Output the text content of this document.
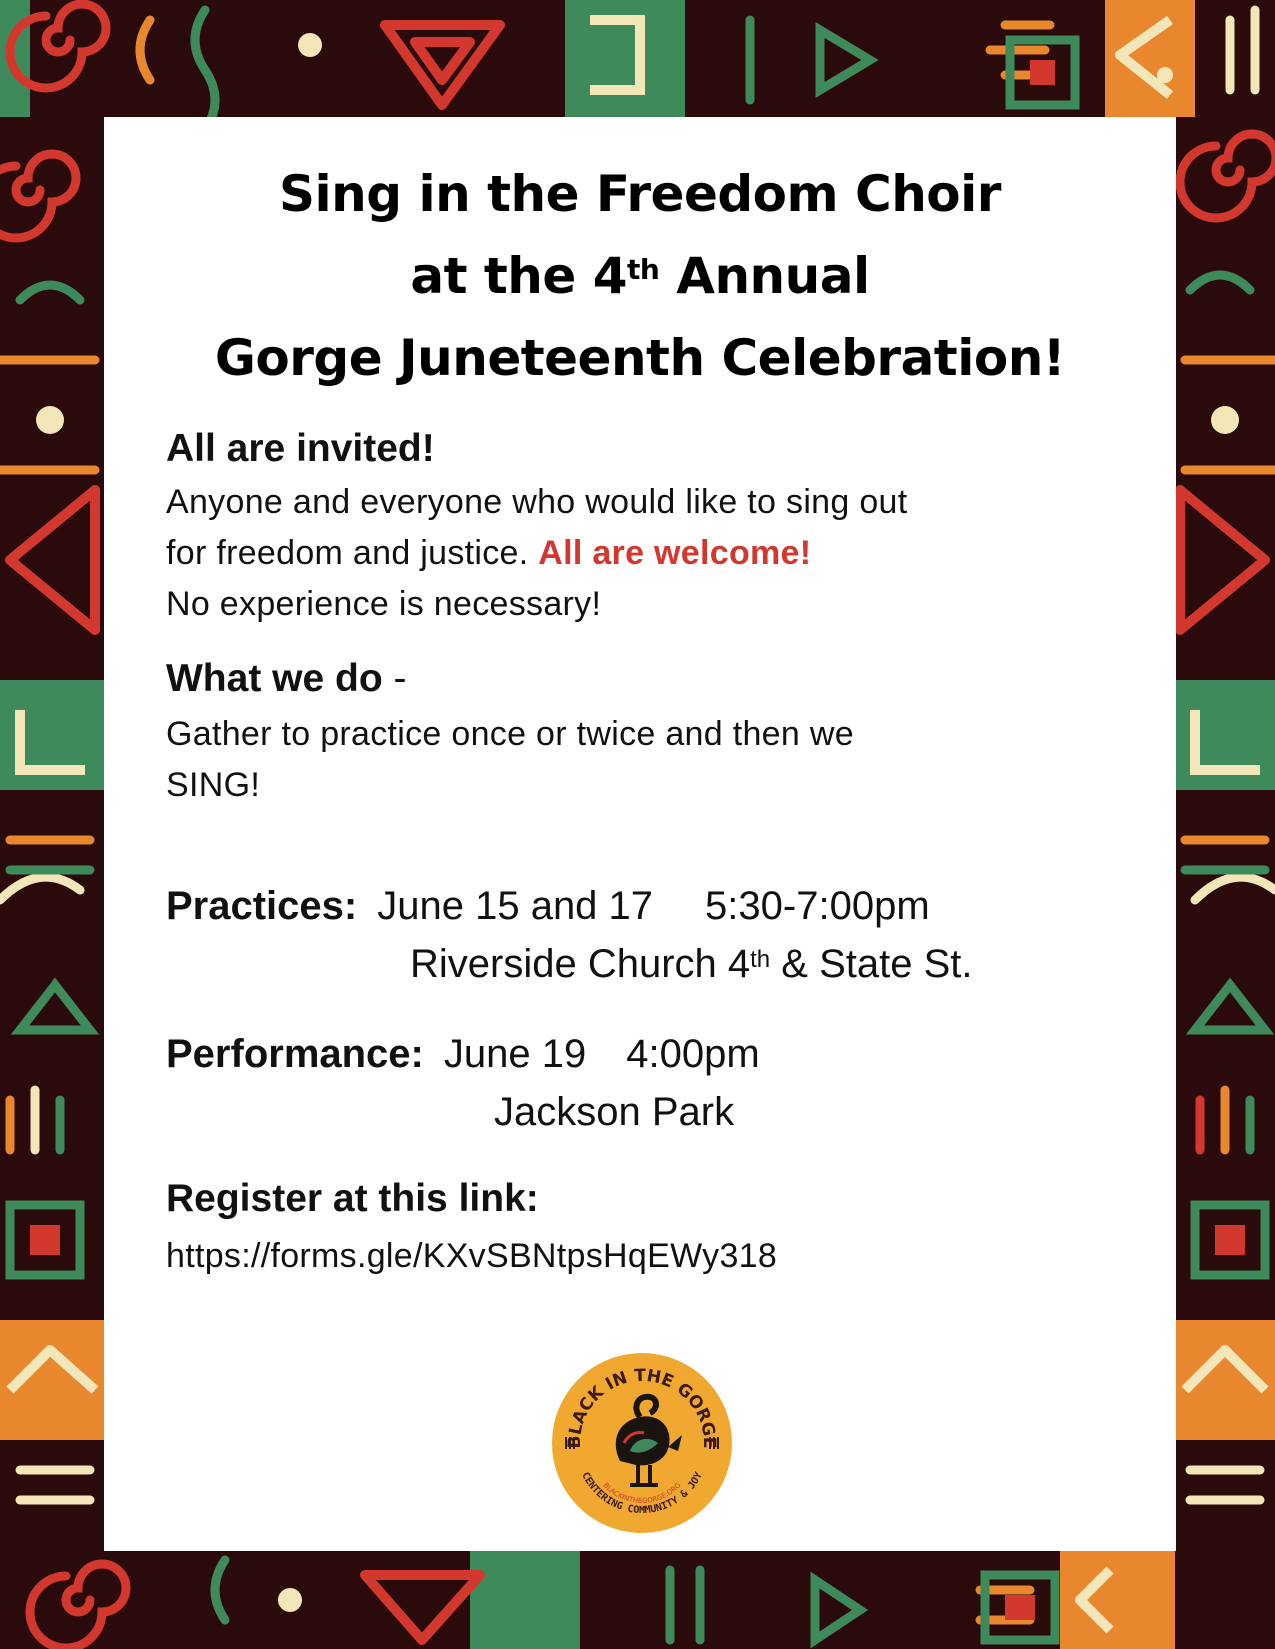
Sing in the Freedom Choir
at the 4th Annual
Gorge Juneteenth Celebration!
All are invited!
Anyone and everyone who would like to sing out
for freedom and justice. All are welcome!
No experience is necessary!
What we do -
Gather to practice once or twice and then we
SING!
Practices: June 15 and 17 5:30-7:00pm
Riverside Church 4th & State St.
Performance: June 19 4:00pm
Jackson Park
Register at this link:
https://forms.gle/KXvSBNtpsHqEWy318
BLACK IN THE GORGE
CENTERING COMMUNITY & JOY
BLACKINTHEGORGE.ORG
